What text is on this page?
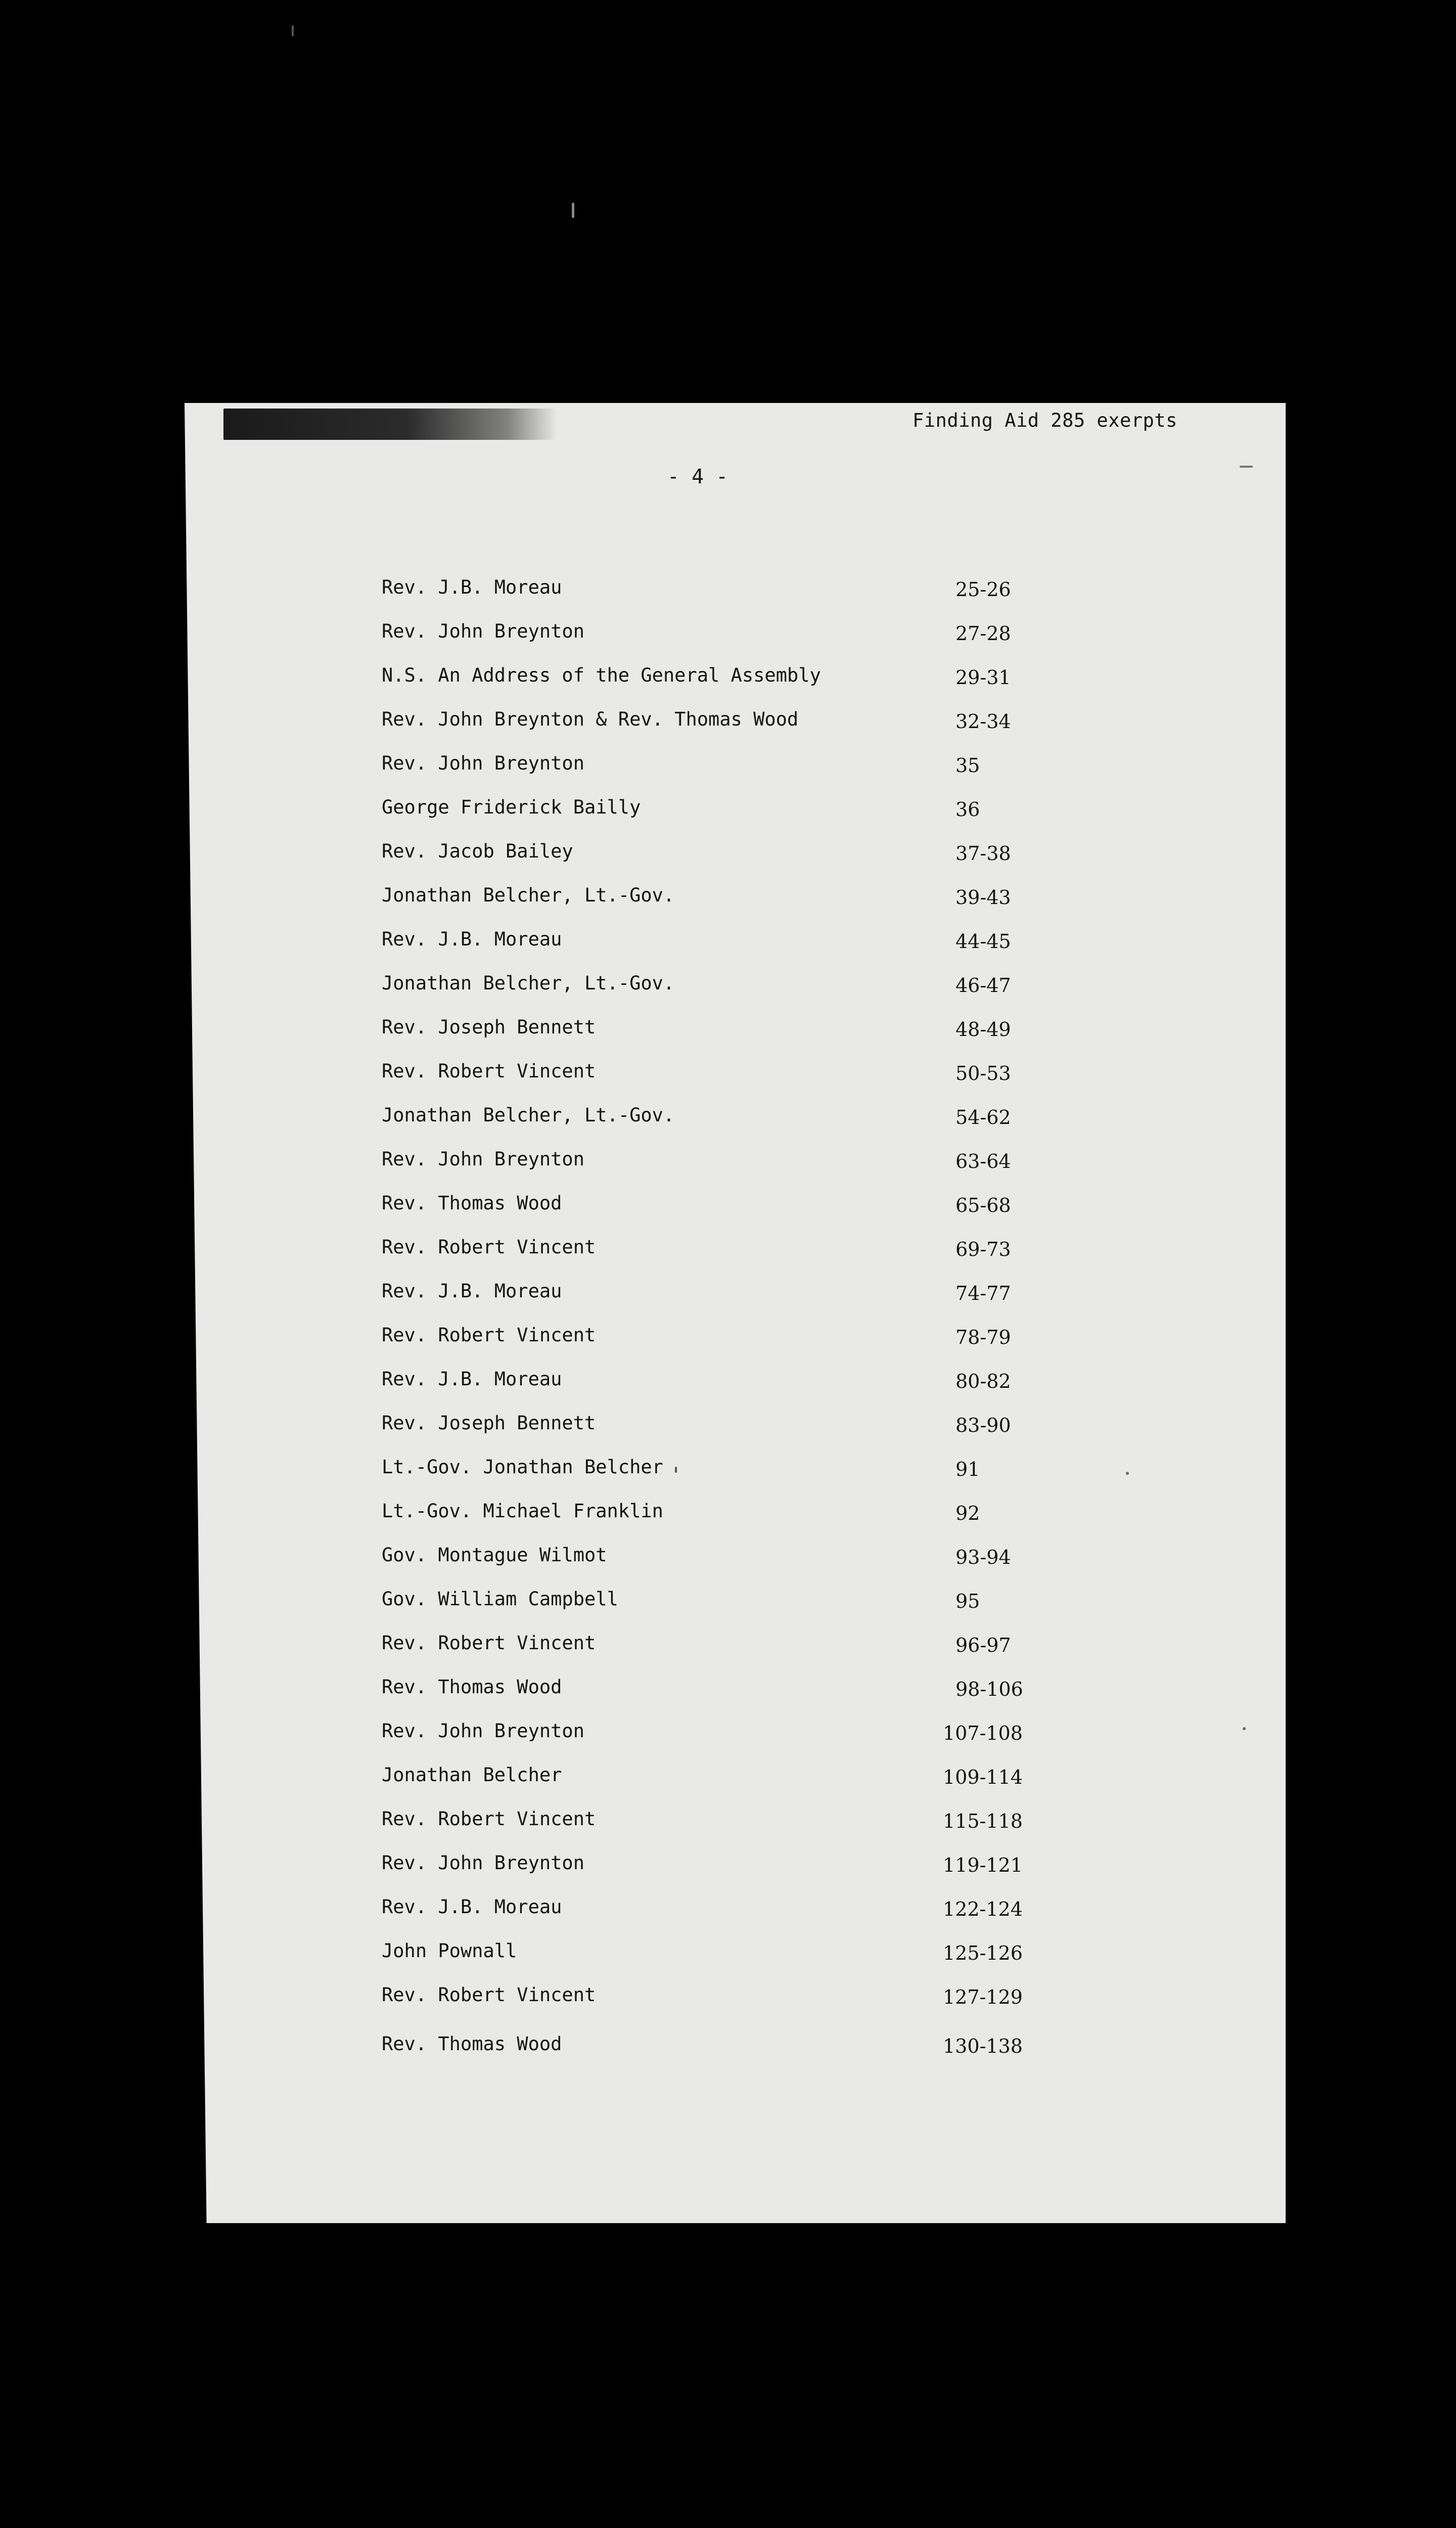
Finding Aid 285 exerpts
- 4 -
Rev. J.B. Moreau	25-26
Rev. John Breynton	27-28
N.S. An Address of the General Assembly	29-31
Rev. John Breynton & Rev. Thomas Wood	32-34
Rev. John Breynton	35
George Friderick Bailly	36
Rev. Jacob Bailey	37-38
Jonathan Belcher, Lt.-Gov.	39-43
Rev. J.B. Moreau	44-45
Jonathan Belcher, Lt.-Gov.	46-47
Rev. Joseph Bennett	48-49
Rev. Robert Vincent	50-53
Jonathan Belcher, Lt.-Gov.	54-62
Rev. John Breynton	63-64
Rev. Thomas Wood	65-68
Rev. Robert Vincent	69-73
Rev. J.B. Moreau	74-77
Rev. Robert Vincent	78-79
Rev. J.B. Moreau	80-82
Rev. Joseph Bennett	83-90
Lt.-Gov. Jonathan Belcher	91
Lt.-Gov. Michael Franklin	92
Gov. Montague Wilmot	93-94
Gov. William Campbell	95
Rev. Robert Vincent	96-97
Rev. Thomas Wood	98-106
Rev. John Breynton	107-108
Jonathan Belcher	109-114
Rev. Robert Vincent	115-118
Rev. John Breynton	119-121
Rev. J.B. Moreau	122-124
John Pownall	125-126
Rev. Robert Vincent	127-129
Rev. Thomas Wood	130-138
